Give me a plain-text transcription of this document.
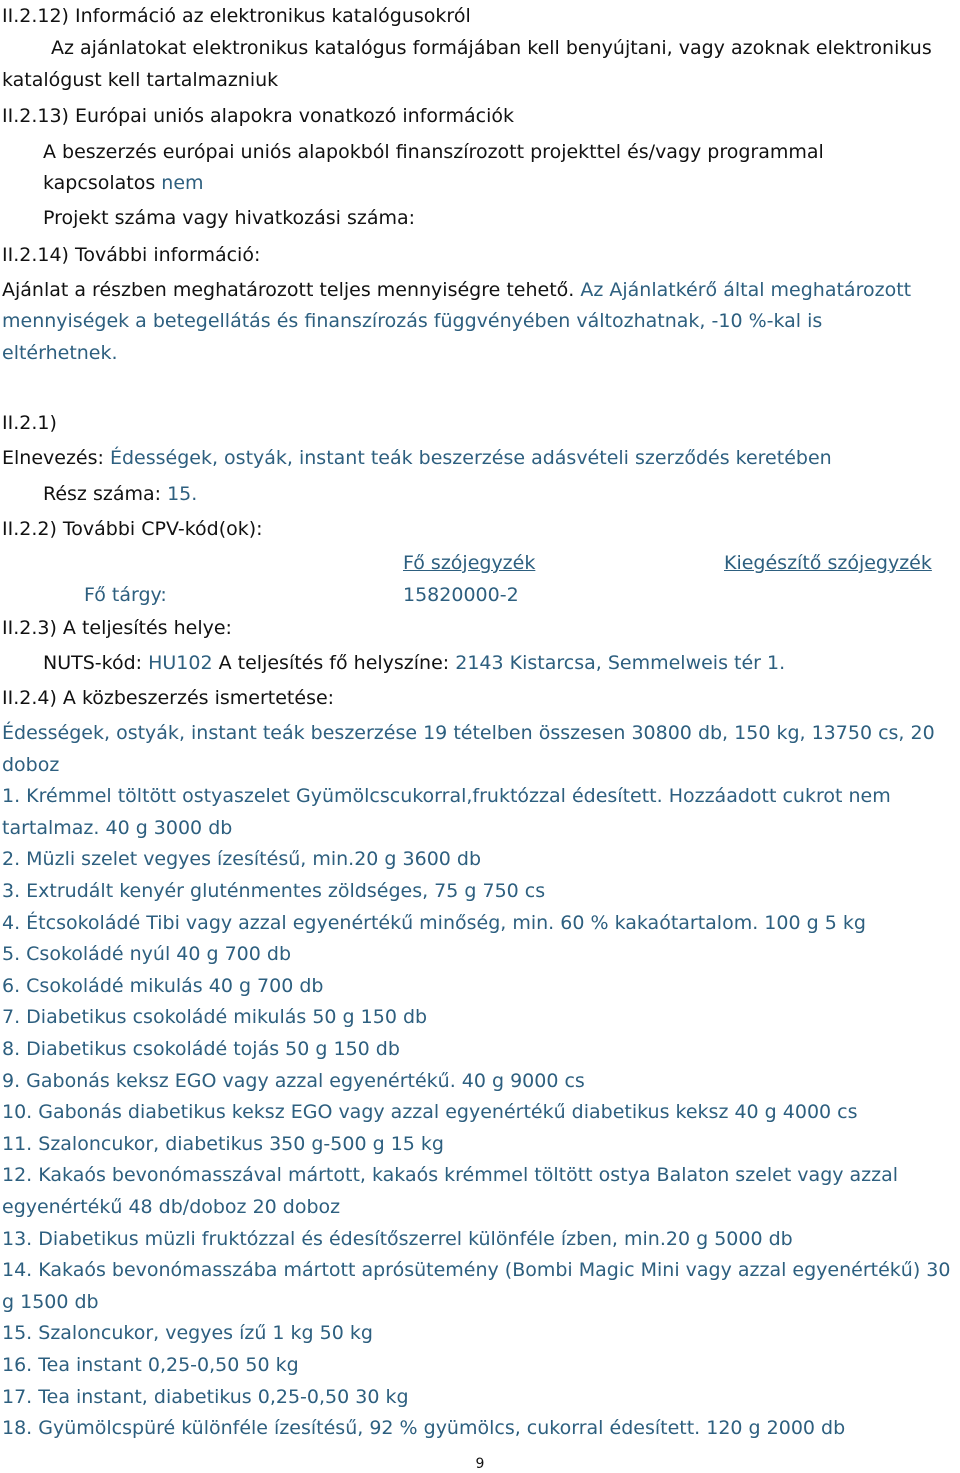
II.2.12) Információ az elektronikus katalógusokról
Az ajánlatokat elektronikus katalógus formájában kell benyújtani, vagy azoknak elektronikus
katalógust kell tartalmazniuk
II.2.13) Európai uniós alapokra vonatkozó információk
A beszerzés európai uniós alapokból finanszírozott projekttel és/vagy programmal
kapcsolatos nem
Projekt száma vagy hivatkozási száma:
II.2.14) További információ:
Ajánlat a részben meghatározott teljes mennyiségre tehető. Az Ajánlatkérő által meghatározott
mennyiségek a betegellátás és finanszírozás függvényében változhatnak, -10 %-kal is
eltérhetnek.
II.2.1)
Elnevezés: Édességek, ostyák, instant teák beszerzése adásvételi szerződés keretében
Rész száma: 15.
II.2.2) További CPV-kód(ok):
Fő szójegyzék	Kiegészítő szójegyzék
Fő tárgy:	15820000-2
II.2.3) A teljesítés helye:
NUTS-kód: HU102 A teljesítés fő helyszíne: 2143 Kistarcsa, Semmelweis tér 1.
II.2.4) A közbeszerzés ismertetése:
Édességek, ostyák, instant teák beszerzése 19 tételben összesen 30800 db, 150 kg, 13750 cs, 20
doboz
1. Krémmel töltött ostyaszelet Gyümölcscukorral,fruktózzal édesített. Hozzáadott cukrot nem
tartalmaz. 40 g 3000 db
2. Müzli szelet vegyes ízesítésű, min.20 g 3600 db
3. Extrudált kenyér gluténmentes zöldséges, 75 g 750 cs
4. Étcsokoládé Tibi vagy azzal egyenértékű minőség, min. 60 % kakaótartalom. 100 g 5 kg
5. Csokoládé nyúl 40 g 700 db
6. Csokoládé mikulás 40 g 700 db
7. Diabetikus csokoládé mikulás 50 g 150 db
8. Diabetikus csokoládé tojás 50 g 150 db
9. Gabonás keksz EGO vagy azzal egyenértékű. 40 g 9000 cs
10. Gabonás diabetikus keksz EGO vagy azzal egyenértékű diabetikus keksz 40 g 4000 cs
11. Szaloncukor, diabetikus 350 g-500 g 15 kg
12. Kakaós bevonómasszával mártott, kakaós krémmel töltött ostya Balaton szelet vagy azzal
egyenértékű 48 db/doboz 20 doboz
13. Diabetikus müzli fruktózzal és édesítőszerrel különféle ízben, min.20 g 5000 db
14. Kakaós bevonómasszába mártott aprósütemény (Bombi Magic Mini vagy azzal egyenértékű) 30
g 1500 db
15. Szaloncukor, vegyes ízű 1 kg 50 kg
16. Tea instant 0,25-0,50 50 kg
17. Tea instant, diabetikus 0,25-0,50 30 kg
18. Gyümölcspüré különféle ízesítésű, 92 % gyümölcs, cukorral édesített. 120 g 2000 db
9
